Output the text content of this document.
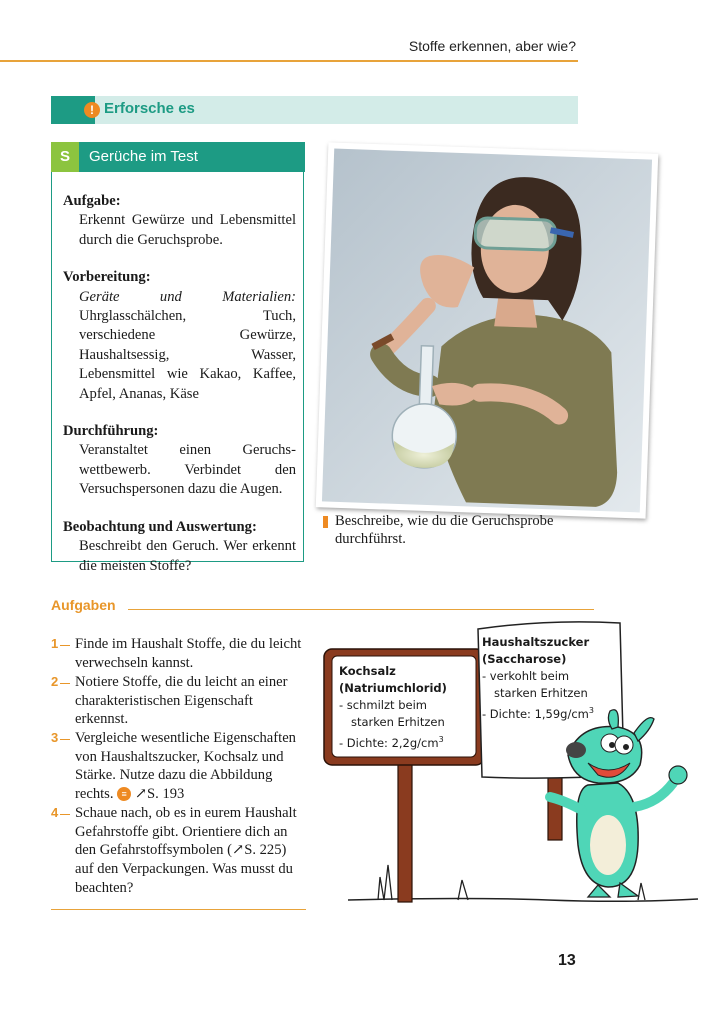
Stoffe erkennen, aber wie?
! Erforsche es
S	Gerüche im Test
Aufgabe:
Erkennt Gewürze und Lebensmittel durch die Geruchsprobe.
Vorbereitung:
Geräte und Materialien: Uhrglasschälchen, Tuch, verschiedene Gewürze, Haushaltsessig, Wasser, Lebensmittel wie Kakao, Kaffee, Apfel, Ananas, Käse
Durchführung:
Veranstaltet einen Geruchswettbewerb. Verbindet den Versuchspersonen dazu die Augen.
Beobachtung und Auswertung:
Beschreibt den Geruch. Wer erkennt die meisten Stoffe?
Beschreibe, wie du die Geruchsprobe durchführst.
Aufgaben
1	Finde im Haushalt Stoffe, die du leicht verwechseln kannst.
2	Notiere Stoffe, die du leicht an einer charakteristischen Eigenschaft erkennst.
3	Vergleiche wesentliche Eigenschaften von Haushaltszucker, Kochsalz und Stärke. Nutze dazu die Abbildung rechts. ≡ ↗S. 193
4	Schaue nach, ob es in eurem Haushalt Gefahrstoffe gibt. Orientiere dich an den Gefahrstoffsymbolen (↗S. 225) auf den Verpackungen. Was musst du beachten?
Kochsalz
(Natriumchlorid)
- schmilzt beim
starken Erhitzen
- Dichte: $2,2g/cm^3$
Haushaltszucker
(Saccharose)
- verkohlt beim
starken Erhitzen
- Dichte: $1,59g/cm^3$
13
